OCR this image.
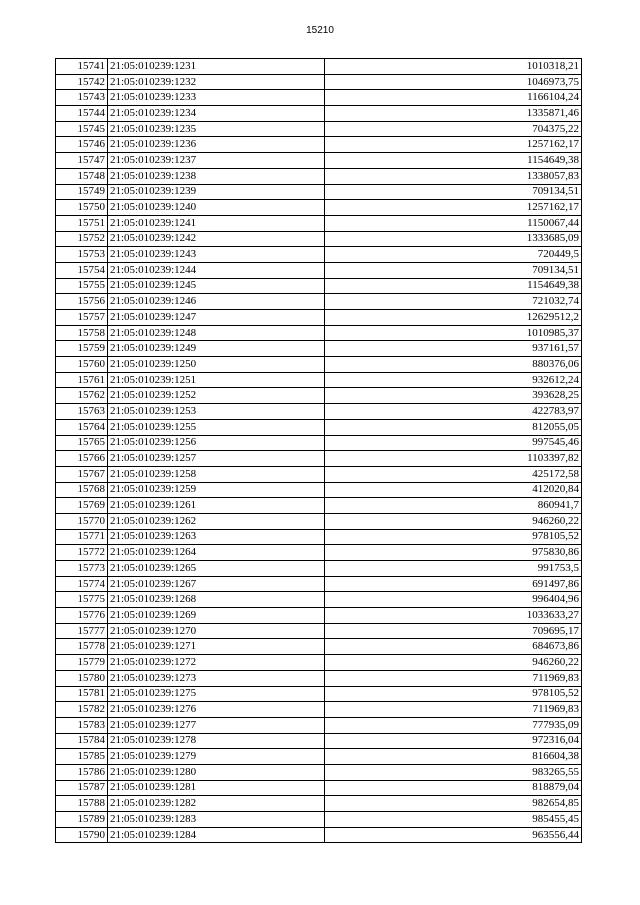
15210
15741	21:05:010239:1231	1010318,21
15742	21:05:010239:1232	1046973,75
15743	21:05:010239:1233	1166104,24
15744	21:05:010239:1234	1335871,46
15745	21:05:010239:1235	704375,22
15746	21:05:010239:1236	1257162,17
15747	21:05:010239:1237	1154649,38
15748	21:05:010239:1238	1338057,83
15749	21:05:010239:1239	709134,51
15750	21:05:010239:1240	1257162,17
15751	21:05:010239:1241	1150067,44
15752	21:05:010239:1242	1333685,09
15753	21:05:010239:1243	720449,5
15754	21:05:010239:1244	709134,51
15755	21:05:010239:1245	1154649,38
15756	21:05:010239:1246	721032,74
15757	21:05:010239:1247	12629512,2
15758	21:05:010239:1248	1010985,37
15759	21:05:010239:1249	937161,57
15760	21:05:010239:1250	880376,06
15761	21:05:010239:1251	932612,24
15762	21:05:010239:1252	393628,25
15763	21:05:010239:1253	422783,97
15764	21:05:010239:1255	812055,05
15765	21:05:010239:1256	997545,46
15766	21:05:010239:1257	1103397,82
15767	21:05:010239:1258	425172,58
15768	21:05:010239:1259	412020,84
15769	21:05:010239:1261	860941,7
15770	21:05:010239:1262	946260,22
15771	21:05:010239:1263	978105,52
15772	21:05:010239:1264	975830,86
15773	21:05:010239:1265	991753,5
15774	21:05:010239:1267	691497,86
15775	21:05:010239:1268	996404,96
15776	21:05:010239:1269	1033633,27
15777	21:05:010239:1270	709695,17
15778	21:05:010239:1271	684673,86
15779	21:05:010239:1272	946260,22
15780	21:05:010239:1273	711969,83
15781	21:05:010239:1275	978105,52
15782	21:05:010239:1276	711969,83
15783	21:05:010239:1277	777935,09
15784	21:05:010239:1278	972316,04
15785	21:05:010239:1279	816604,38
15786	21:05:010239:1280	983265,55
15787	21:05:010239:1281	818879,04
15788	21:05:010239:1282	982654,85
15789	21:05:010239:1283	985455,45
15790	21:05:010239:1284	963556,44
